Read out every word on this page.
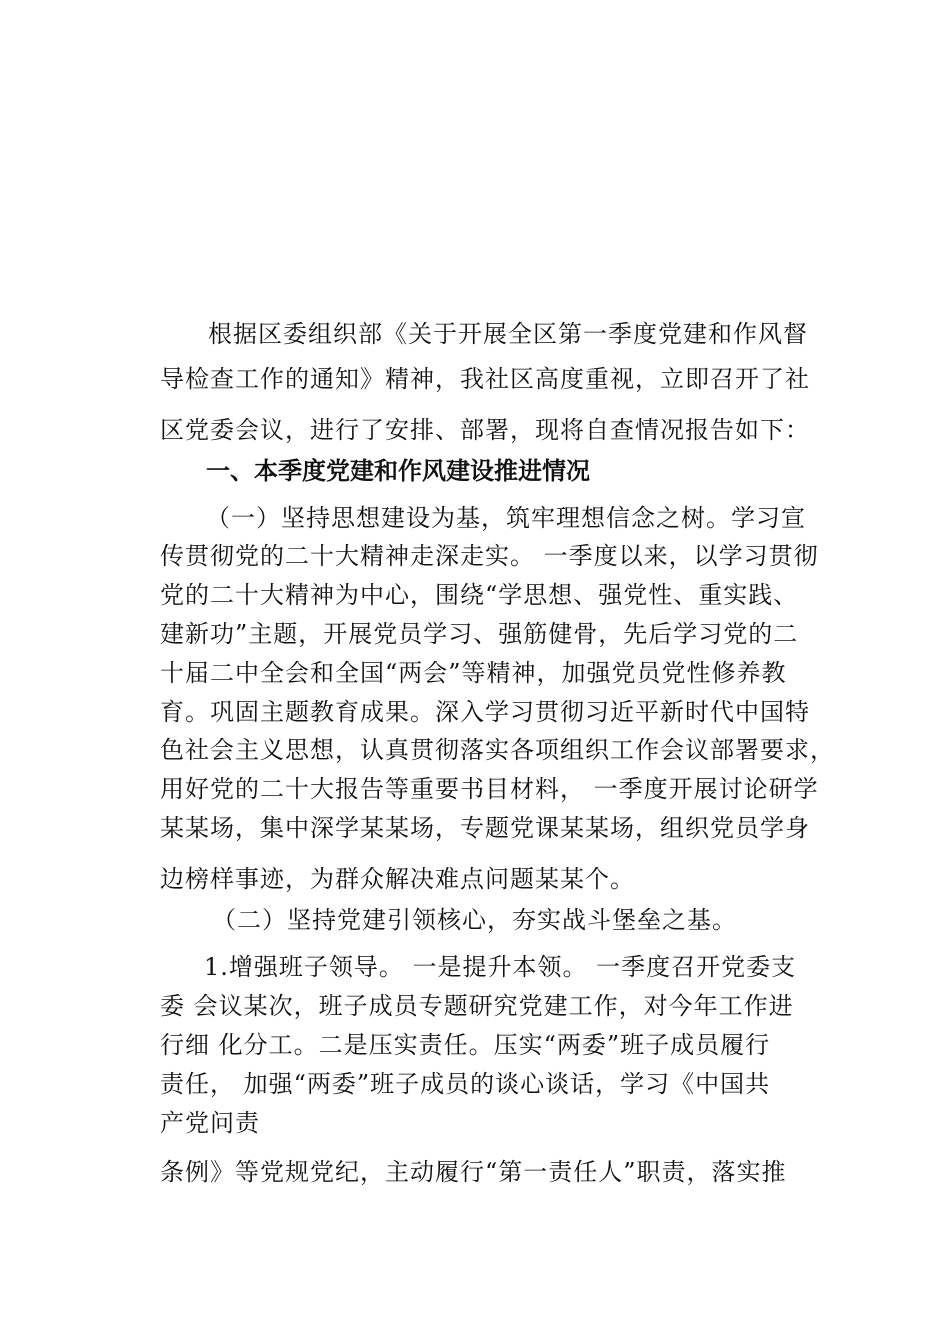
根据区委组织部《关于开展全区第一季度党建和作风督
导检查工作的通知》精神，我社区高度重视，立即召开了社
区党委会议，进行了安排、部署，现将自查情况报告如下：
一、本季度党建和作风建设推进情况
（一）坚持思想建设为基，筑牢理想信念之树。学习宣
传贯彻党的二十大精神走深走实。 一季度以来，以学习贯彻
党的二十大精神为中心，围绕“学思想、强党性、重实践、
建新功”主题，开展党员学习、强筋健骨，先后学习党的二
十届二中全会和全国“两会”等精神，加强党员党性修养教
育。巩固主题教育成果。深入学习贯彻习近平新时代中国特
色社会主义思想，认真贯彻落实各项组织工作会议部署要求，
用好党的二十大报告等重要书目材料， 一季度开展讨论研学
某某场，集中深学某某场，专题党课某某场，组织党员学身
边榜样事迹，为群众解决难点问题某某个。
（二）坚持党建引领核心，夯实战斗堡垒之基。
1.增强班子领导。 一是提升本领。 一季度召开党委支
委 会议某次，班子成员专题研究党建工作，对今年工作进
行细 化分工。二是压实责任。压实“两委”班子成员履行
责任， 加强“两委”班子成员的谈心谈话，学习《中国共
产党问责
条例》等党规党纪，主动履行“第一责任人”职责，落实推
